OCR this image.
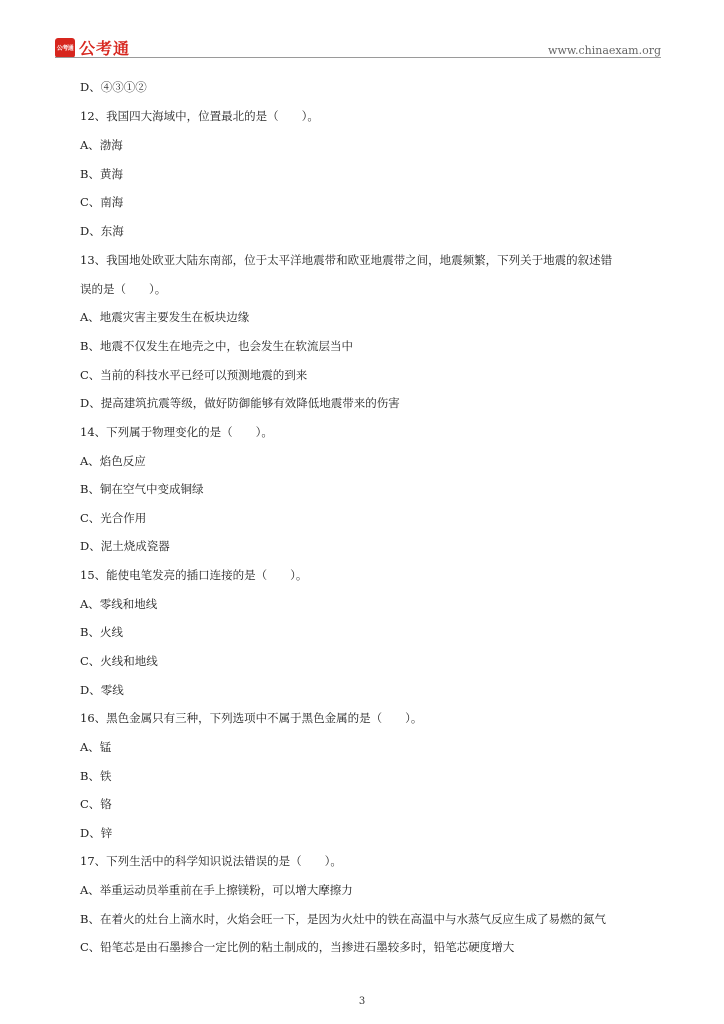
公考通 公考通	www.chinaexam.org

D、④③①②

12、我国四大海域中，位置最北的是（　　）。

A、渤海

B、黄海

C、南海

D、东海

13、我国地处欧亚大陆东南部，位于太平洋地震带和欧亚地震带之间，地震频繁，下列关于地震的叙述错

误的是（　　）。

A、地震灾害主要发生在板块边缘

B、地震不仅发生在地壳之中，也会发生在软流层当中

C、当前的科技水平已经可以预测地震的到来

D、提高建筑抗震等级，做好防御能够有效降低地震带来的伤害

14、下列属于物理变化的是（　　）。

A、焰色反应

B、铜在空气中变成铜绿

C、光合作用

D、泥土烧成瓷器

15、能使电笔发亮的插口连接的是（　　）。

A、零线和地线

B、火线

C、火线和地线

D、零线

16、黑色金属只有三种，下列选项中不属于黑色金属的是（　　）。

A、锰

B、铁

C、铬

D、锌

17、下列生活中的科学知识说法错误的是（　　）。

A、举重运动员举重前在手上擦镁粉，可以增大摩擦力

B、在着火的灶台上滴水时，火焰会旺一下，是因为火灶中的铁在高温中与水蒸气反应生成了易燃的氮气

C、铅笔芯是由石墨掺合一定比例的粘土制成的，当掺进石墨较多时，铅笔芯硬度增大

3
